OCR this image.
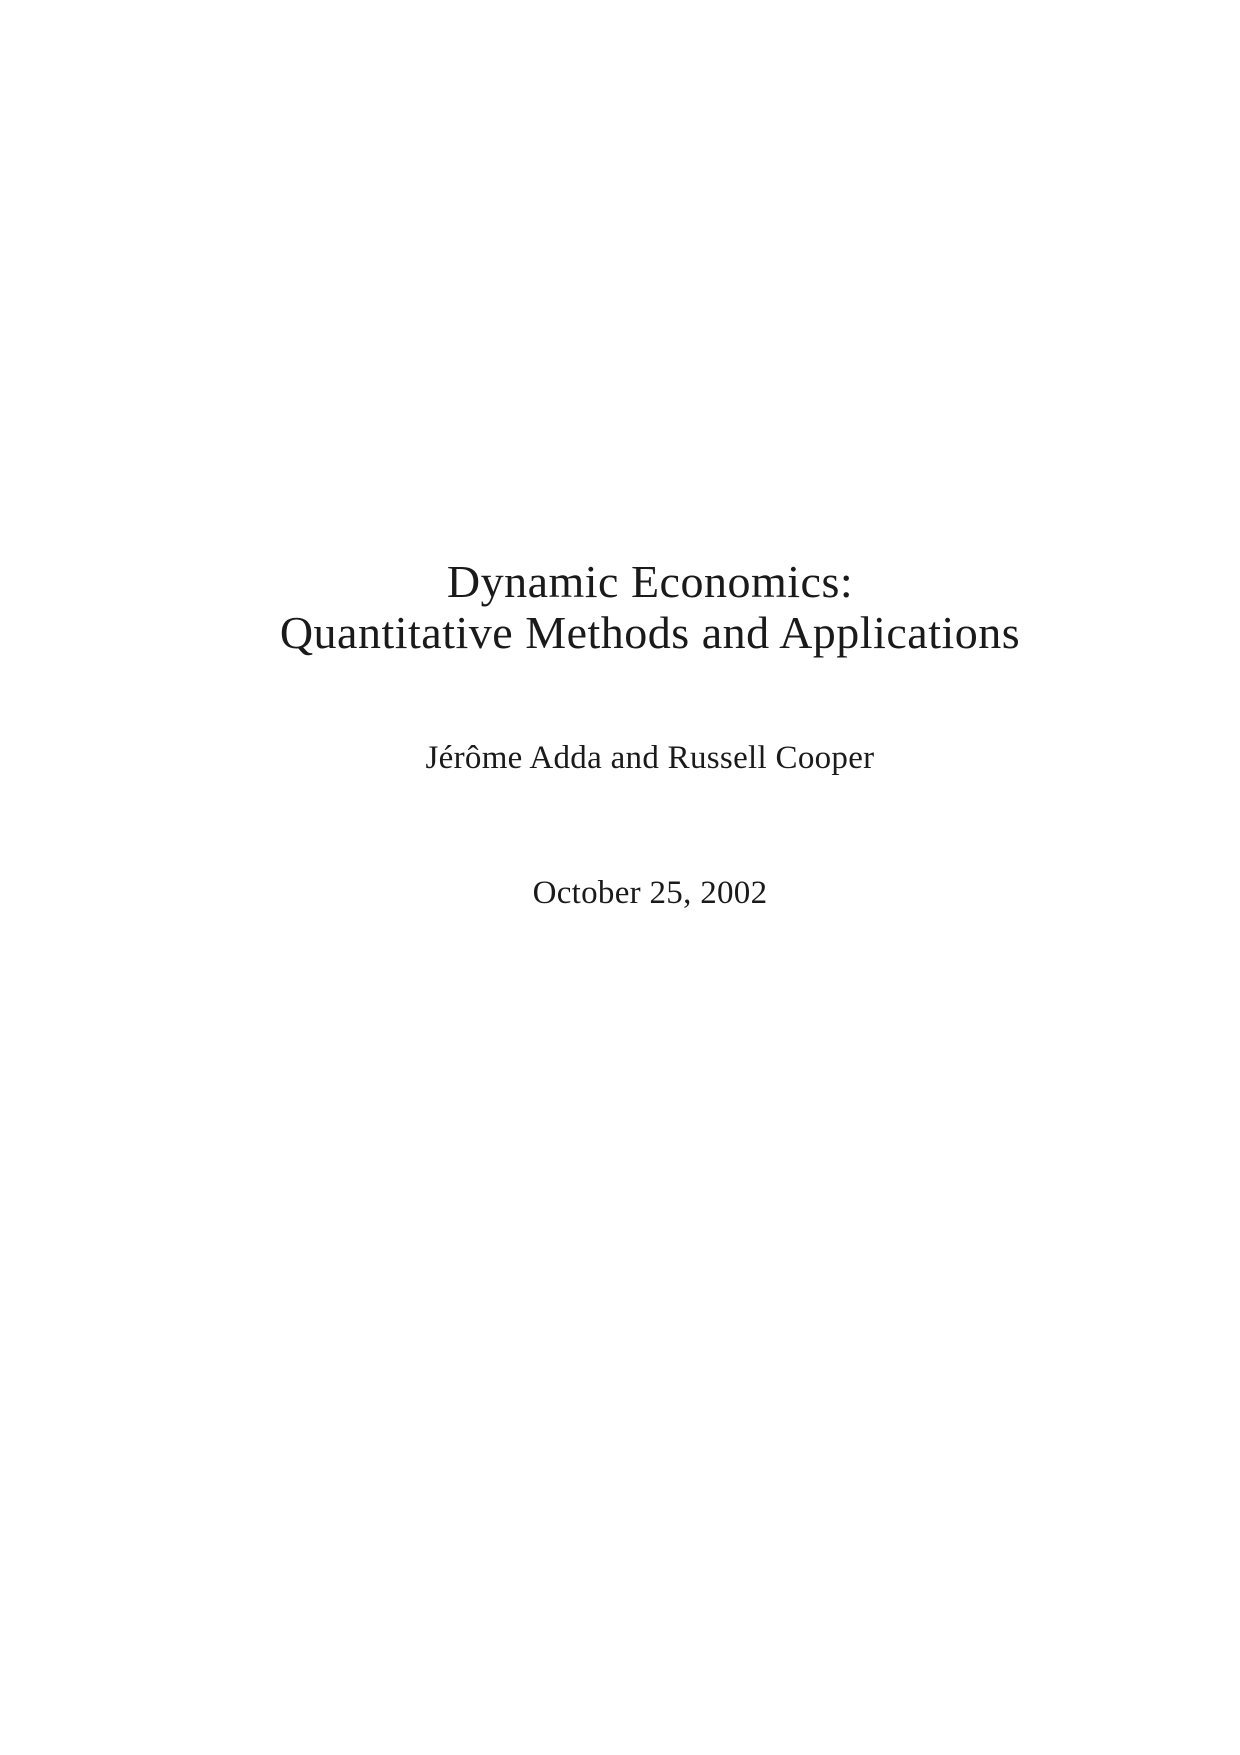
Dynamic Economics:
Quantitative Methods and Applications
Jérôme Adda and Russell Cooper
October 25, 2002
